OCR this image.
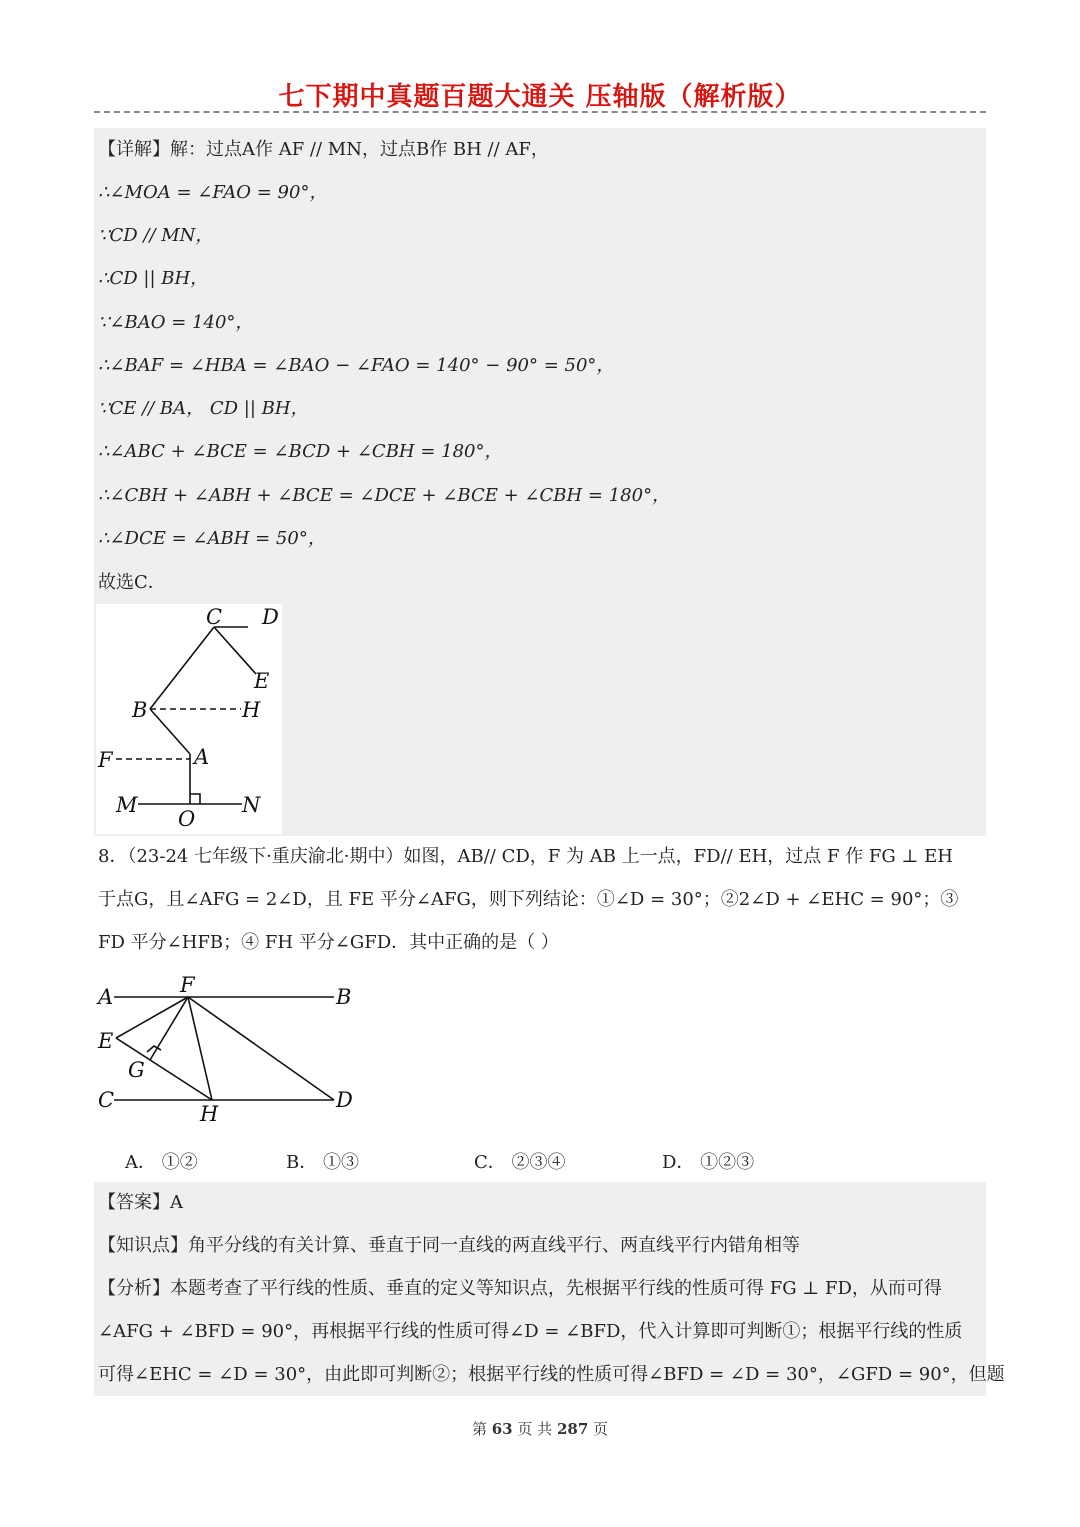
七下期中真题百题大通关 压轴版（解析版）
【详解】解：过点A作 AF // MN，过点B作 BH // AF，
∴∠MOA = ∠FAO = 90°，
∵CD // MN，
∴CD || BH，
∵∠BAO = 140°，
∴∠BAF = ∠HBA = ∠BAO − ∠FAO = 140° − 90° = 50°，
∵CE // BA， CD || BH，
∴∠ABC + ∠BCE = ∠BCD + ∠CBH = 180°，
∴∠CBH + ∠ABH + ∠BCE = ∠DCE + ∠BCE + ∠CBH = 180°，
∴∠DCE = ∠ABH = 50°，
故选C．
C D
E
B	H
F	A
M	N
O
8．（23-24 七年级下·重庆渝北·期中）如图，AB// CD，F 为 AB 上一点，FD// EH，过点 F 作 FG ⊥ EH
于点G，且∠AFG = 2∠D，且 FE 平分∠AFG，则下列结论：①∠D = 30°；②2∠D + ∠EHC = 90°；③
FD 平分∠HFB；④ FH 平分∠GFD．其中正确的是（ ）
A	F	B
E
G
C
H
D
A． ①②	B． ①③	C． ②③④	D． ①②③
【答案】A
【知识点】角平分线的有关计算、垂直于同一直线的两直线平行、两直线平行内错角相等
【分析】本题考查了平行线的性质、垂直的定义等知识点，先根据平行线的性质可得 FG ⊥ FD，从而可得
∠AFG + ∠BFD = 90°，再根据平行线的性质可得∠D = ∠BFD，代入计算即可判断①；根据平行线的性质
可得∠EHC = ∠D = 30°，由此即可判断②；根据平行线的性质可得∠BFD = ∠D = 30°，∠GFD = 90°，但题
第 63 页 共 287 页
